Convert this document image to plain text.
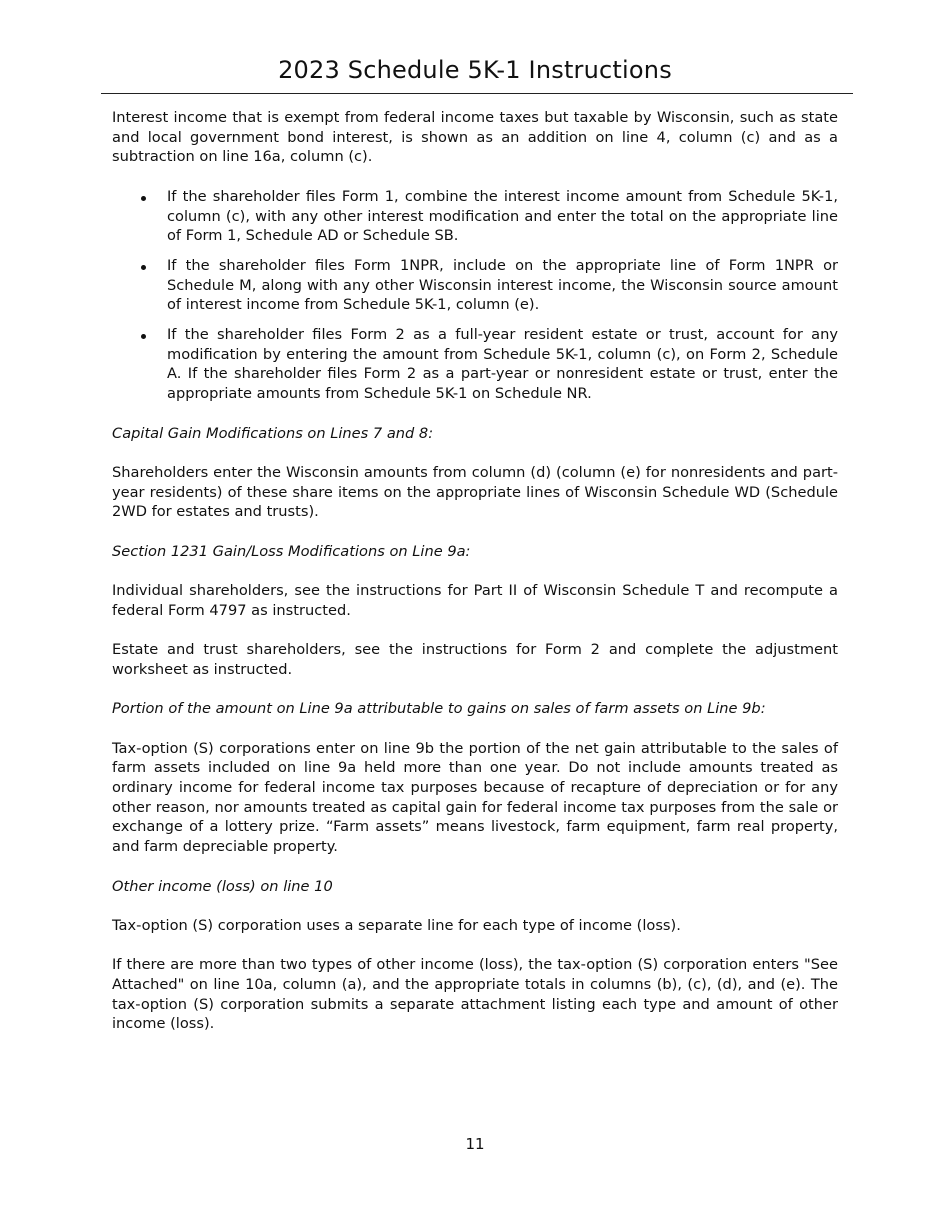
2023 Schedule 5K-1 Instructions

Interest income that is exempt from federal income taxes but taxable by Wisconsin, such as state and local government bond interest, is shown as an addition on line 4, column (c) and as a subtraction on line 16a, column (c).

If the shareholder files Form 1, combine the interest income amount from Schedule 5K-1, column (c), with any other interest modification and enter the total on the appropriate line of Form 1, Schedule AD or Schedule SB.
If the shareholder files Form 1NPR, include on the appropriate line of Form 1NPR or Schedule M, along with any other Wisconsin interest income, the Wisconsin source amount of interest income from Schedule 5K-1, column (e).
If the shareholder files Form 2 as a full-year resident estate or trust, account for any modification by entering the amount from Schedule 5K-1, column (c), on Form 2, Schedule A. If the shareholder files Form 2 as a part-year or nonresident estate or trust, enter the appropriate amounts from Schedule 5K-1 on Schedule NR.

Capital Gain Modifications on Lines 7 and 8:

Shareholders enter the Wisconsin amounts from column (d) (column (e) for nonresidents and part-year residents) of these share items on the appropriate lines of Wisconsin Schedule WD (Schedule 2WD for estates and trusts).

Section 1231 Gain/Loss Modifications on Line 9a:

Individual shareholders, see the instructions for Part II of Wisconsin Schedule T and recompute a federal Form 4797 as instructed.

Estate and trust shareholders, see the instructions for Form 2 and complete the adjustment worksheet as instructed.

Portion of the amount on Line 9a attributable to gains on sales of farm assets on Line 9b:

Tax-option (S) corporations enter on line 9b the portion of the net gain attributable to the sales of farm assets included on line 9a held more than one year. Do not include amounts treated as ordinary income for federal income tax purposes because of recapture of depreciation or for any other reason, nor amounts treated as capital gain for federal income tax purposes from the sale or exchange of a lottery prize. “Farm assets” means livestock, farm equipment, farm real property, and farm depreciable property.

Other income (loss) on line 10

Tax-option (S) corporation uses a separate line for each type of income (loss).

If there are more than two types of other income (loss), the tax-option (S) corporation enters "See Attached" on line 10a, column (a), and the appropriate totals in columns (b), (c), (d), and (e). The tax-option (S) corporation submits a separate attachment listing each type and amount of other income (loss).

11
